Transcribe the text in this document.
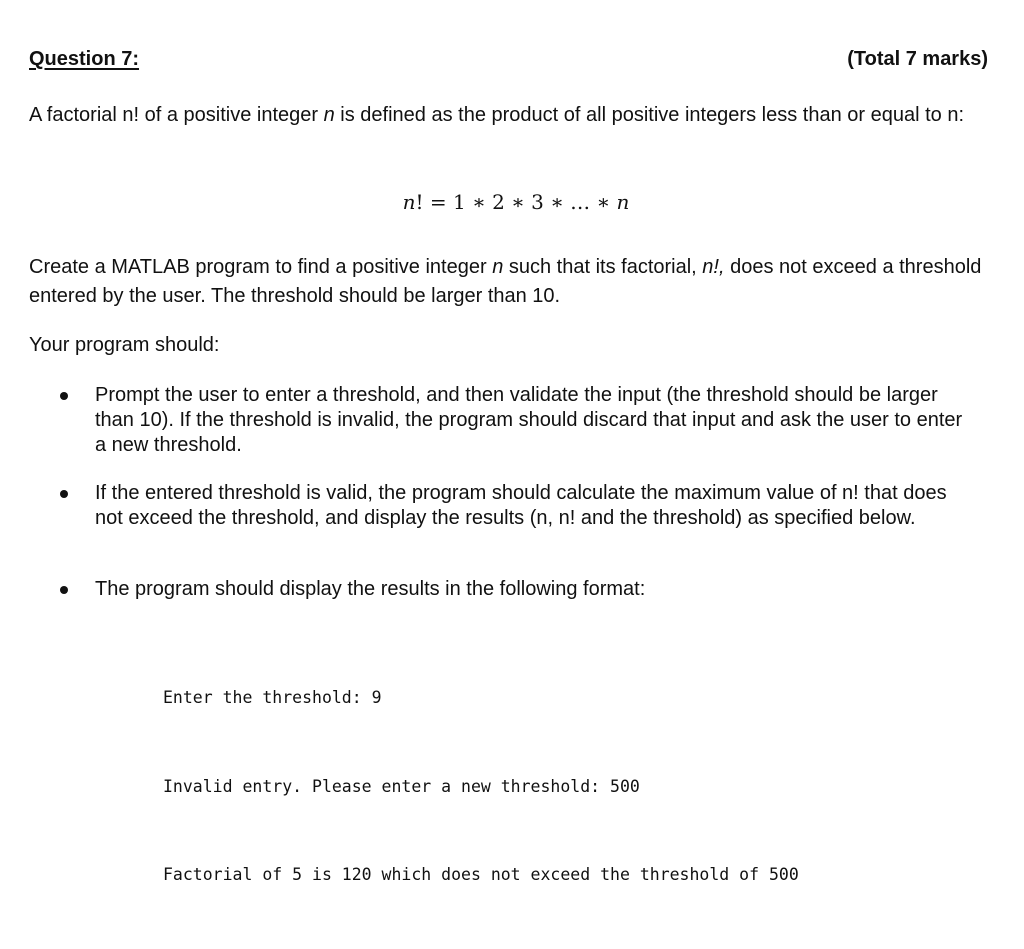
Question 7:	(Total 7 marks)
A factorial n! of a positive integer n is defined as the product of all positive integers less than or equal to n:
n! = 1 ∗ 2 ∗ 3 ∗ … ∗ n
Create a MATLAB program to find a positive integer n such that its factorial, n!, does not exceed a threshold entered by the user. The threshold should be larger than 10.
Your program should:
Prompt the user to enter a threshold, and then validate the input (the threshold should be larger than 10). If the threshold is invalid, the program should discard that input and ask the user to enter a new threshold.
If the entered threshold is valid, the program should calculate the maximum value of n! that does not exceed the threshold, and display the results (n, n! and the threshold) as specified below.
The program should display the results in the following format:

Enter the threshold: 9

Invalid entry. Please enter a new threshold: 500

Factorial of 5 is 120 which does not exceed the threshold of 500
